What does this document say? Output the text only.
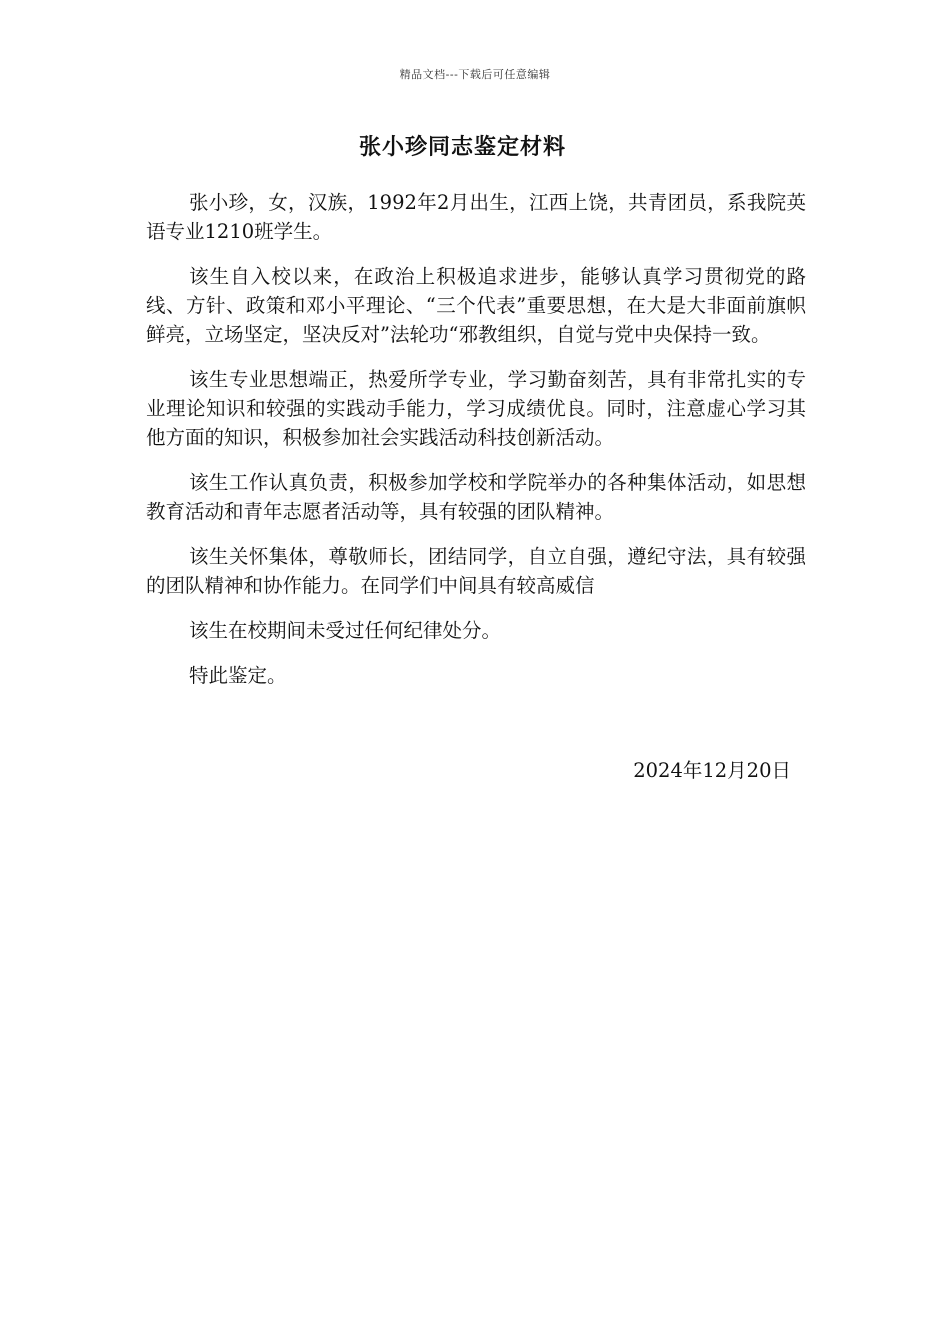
精品文档---下载后可任意编辑
张小珍同志鉴定材料

张小珍，女，汉族，1992年2月出生，江西上饶，共青团员，系我院英语专业1210班学生。

该生自入校以来，在政治上积极追求进步，能够认真学习贯彻党的路线、方针、政策和邓小平理论、“三个代表”重要思想，在大是大非面前旗帜鲜亮，立场坚定，坚决反对”法轮功“邪教组织，自觉与党中央保持一致。

该生专业思想端正，热爱所学专业，学习勤奋刻苦，具有非常扎实的专业理论知识和较强的实践动手能力，学习成绩优良。同时，注意虚心学习其他方面的知识，积极参加社会实践活动科技创新活动。

该生工作认真负责，积极参加学校和学院举办的各种集体活动，如思想教育活动和青年志愿者活动等，具有较强的团队精神。

该生关怀集体，尊敬师长，团结同学，自立自强，遵纪守法，具有较强的团队精神和协作能力。在同学们中间具有较高威信

该生在校期间未受过任何纪律处分。

特此鉴定。

2024年12月20日
